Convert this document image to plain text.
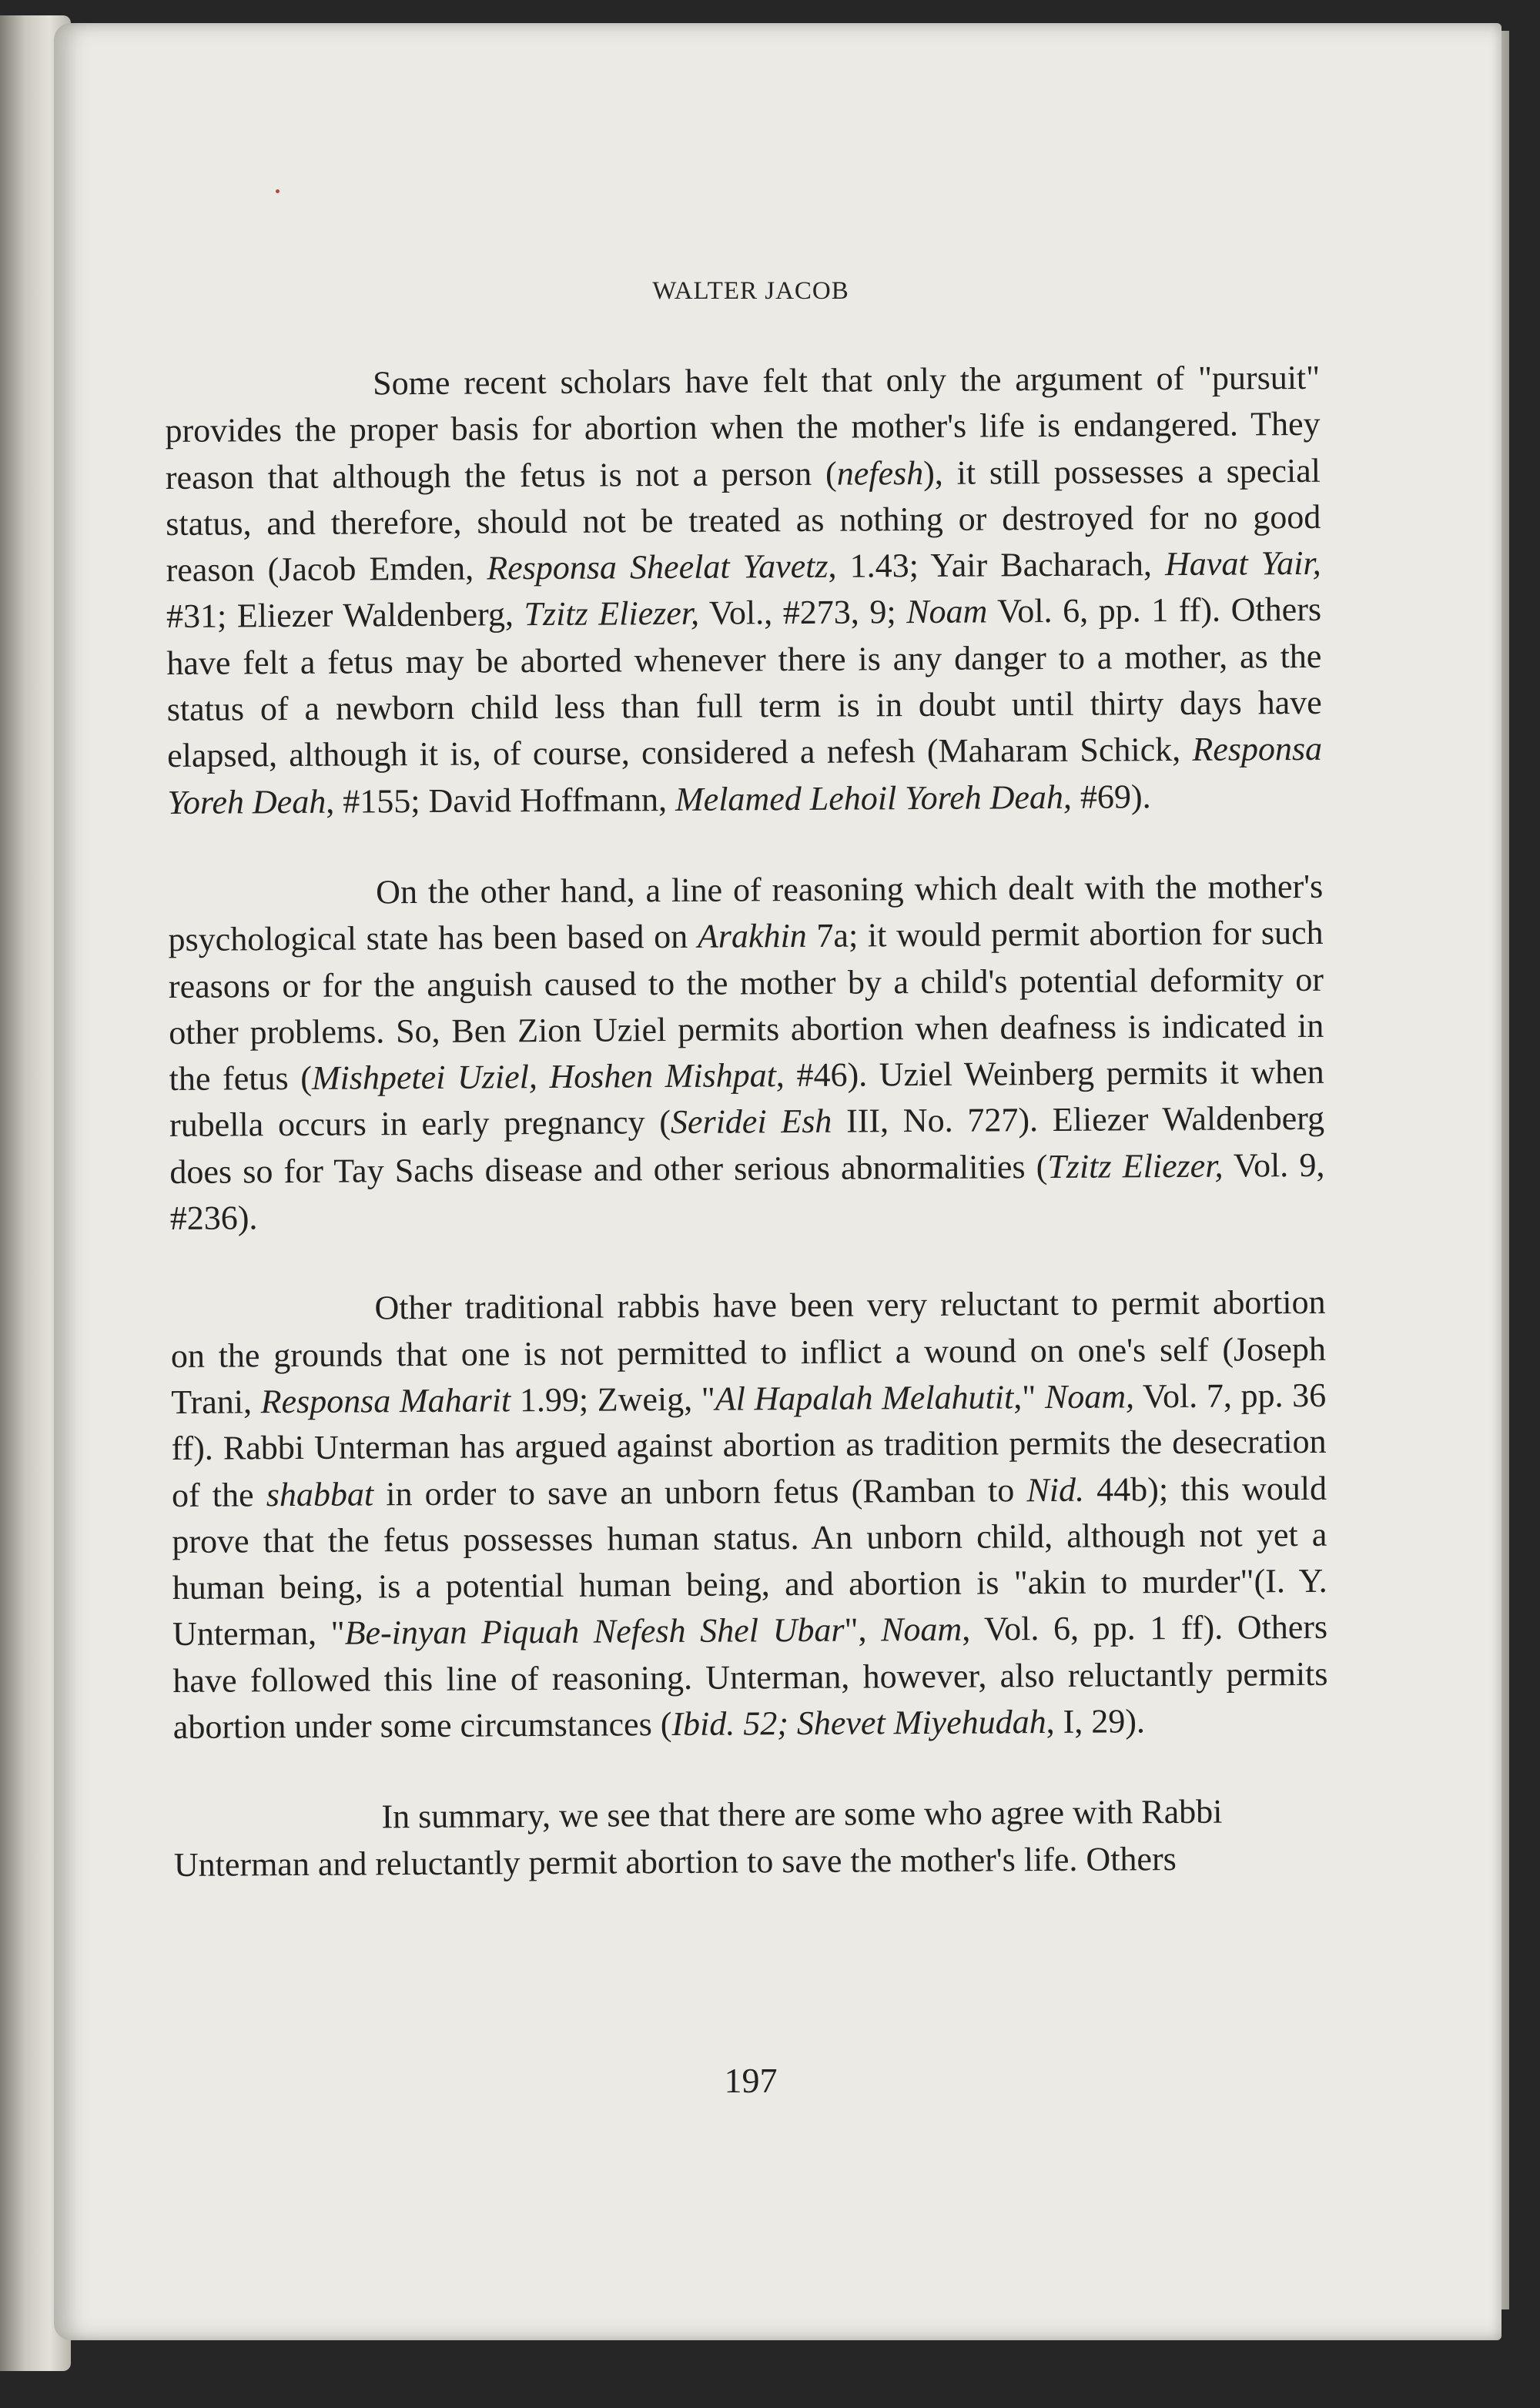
WALTER JACOB

Some recent scholars have felt that only the argument of "pursuit" provides the proper basis for abortion when the mother's life is endangered. They reason that although the fetus is not a person (nefesh), it still possesses a special status, and therefore, should not be treated as nothing or destroyed for no good reason (Jacob Emden, Responsa Sheelat Yavetz, 1.43; Yair Bacharach, Havat Yair, #31; Eliezer Waldenberg, Tzitz Eliezer, Vol., #273, 9; Noam Vol. 6, pp. 1 ff). Others have felt a fetus may be aborted whenever there is any danger to a mother, as the status of a newborn child less than full term is in doubt until thirty days have elapsed, although it is, of course, considered a nefesh (Maharam Schick, Responsa Yoreh Deah, #155; David Hoffmann, Melamed Lehoil Yoreh Deah, #69).

On the other hand, a line of reasoning which dealt with the mother's psychological state has been based on Arakhin 7a; it would permit abortion for such reasons or for the anguish caused to the mother by a child's potential deformity or other problems. So, Ben Zion Uziel permits abortion when deafness is indicated in the fetus (Mishpetei Uziel, Hoshen Mishpat, #46). Uziel Weinberg permits it when rubella occurs in early pregnancy (Seridei Esh III, No. 727). Eliezer Waldenberg does so for Tay Sachs disease and other serious abnormalities (Tzitz Eliezer, Vol. 9, #236).

Other traditional rabbis have been very reluctant to permit abortion on the grounds that one is not permitted to inflict a wound on one's self (Joseph Trani, Responsa Maharit 1.99; Zweig, "Al Hapalah Melahutit," Noam, Vol. 7, pp. 36 ff). Rabbi Unterman has argued against abortion as tradition permits the desecration of the shabbat in order to save an unborn fetus (Ramban to Nid. 44b); this would prove that the fetus possesses human status. An unborn child, although not yet a human being, is a potential human being, and abortion is "akin to murder"(I. Y. Unterman, "Be-inyan Piquah Nefesh Shel Ubar", Noam, Vol. 6, pp. 1 ff). Others have followed this line of reasoning. Unterman, however, also reluctantly permits abortion under some circumstances (Ibid. 52; Shevet Miyehudah, I, 29).

In summary, we see that there are some who agree with Rabbi Unterman and reluctantly permit abortion to save the mother's life. Others

197
